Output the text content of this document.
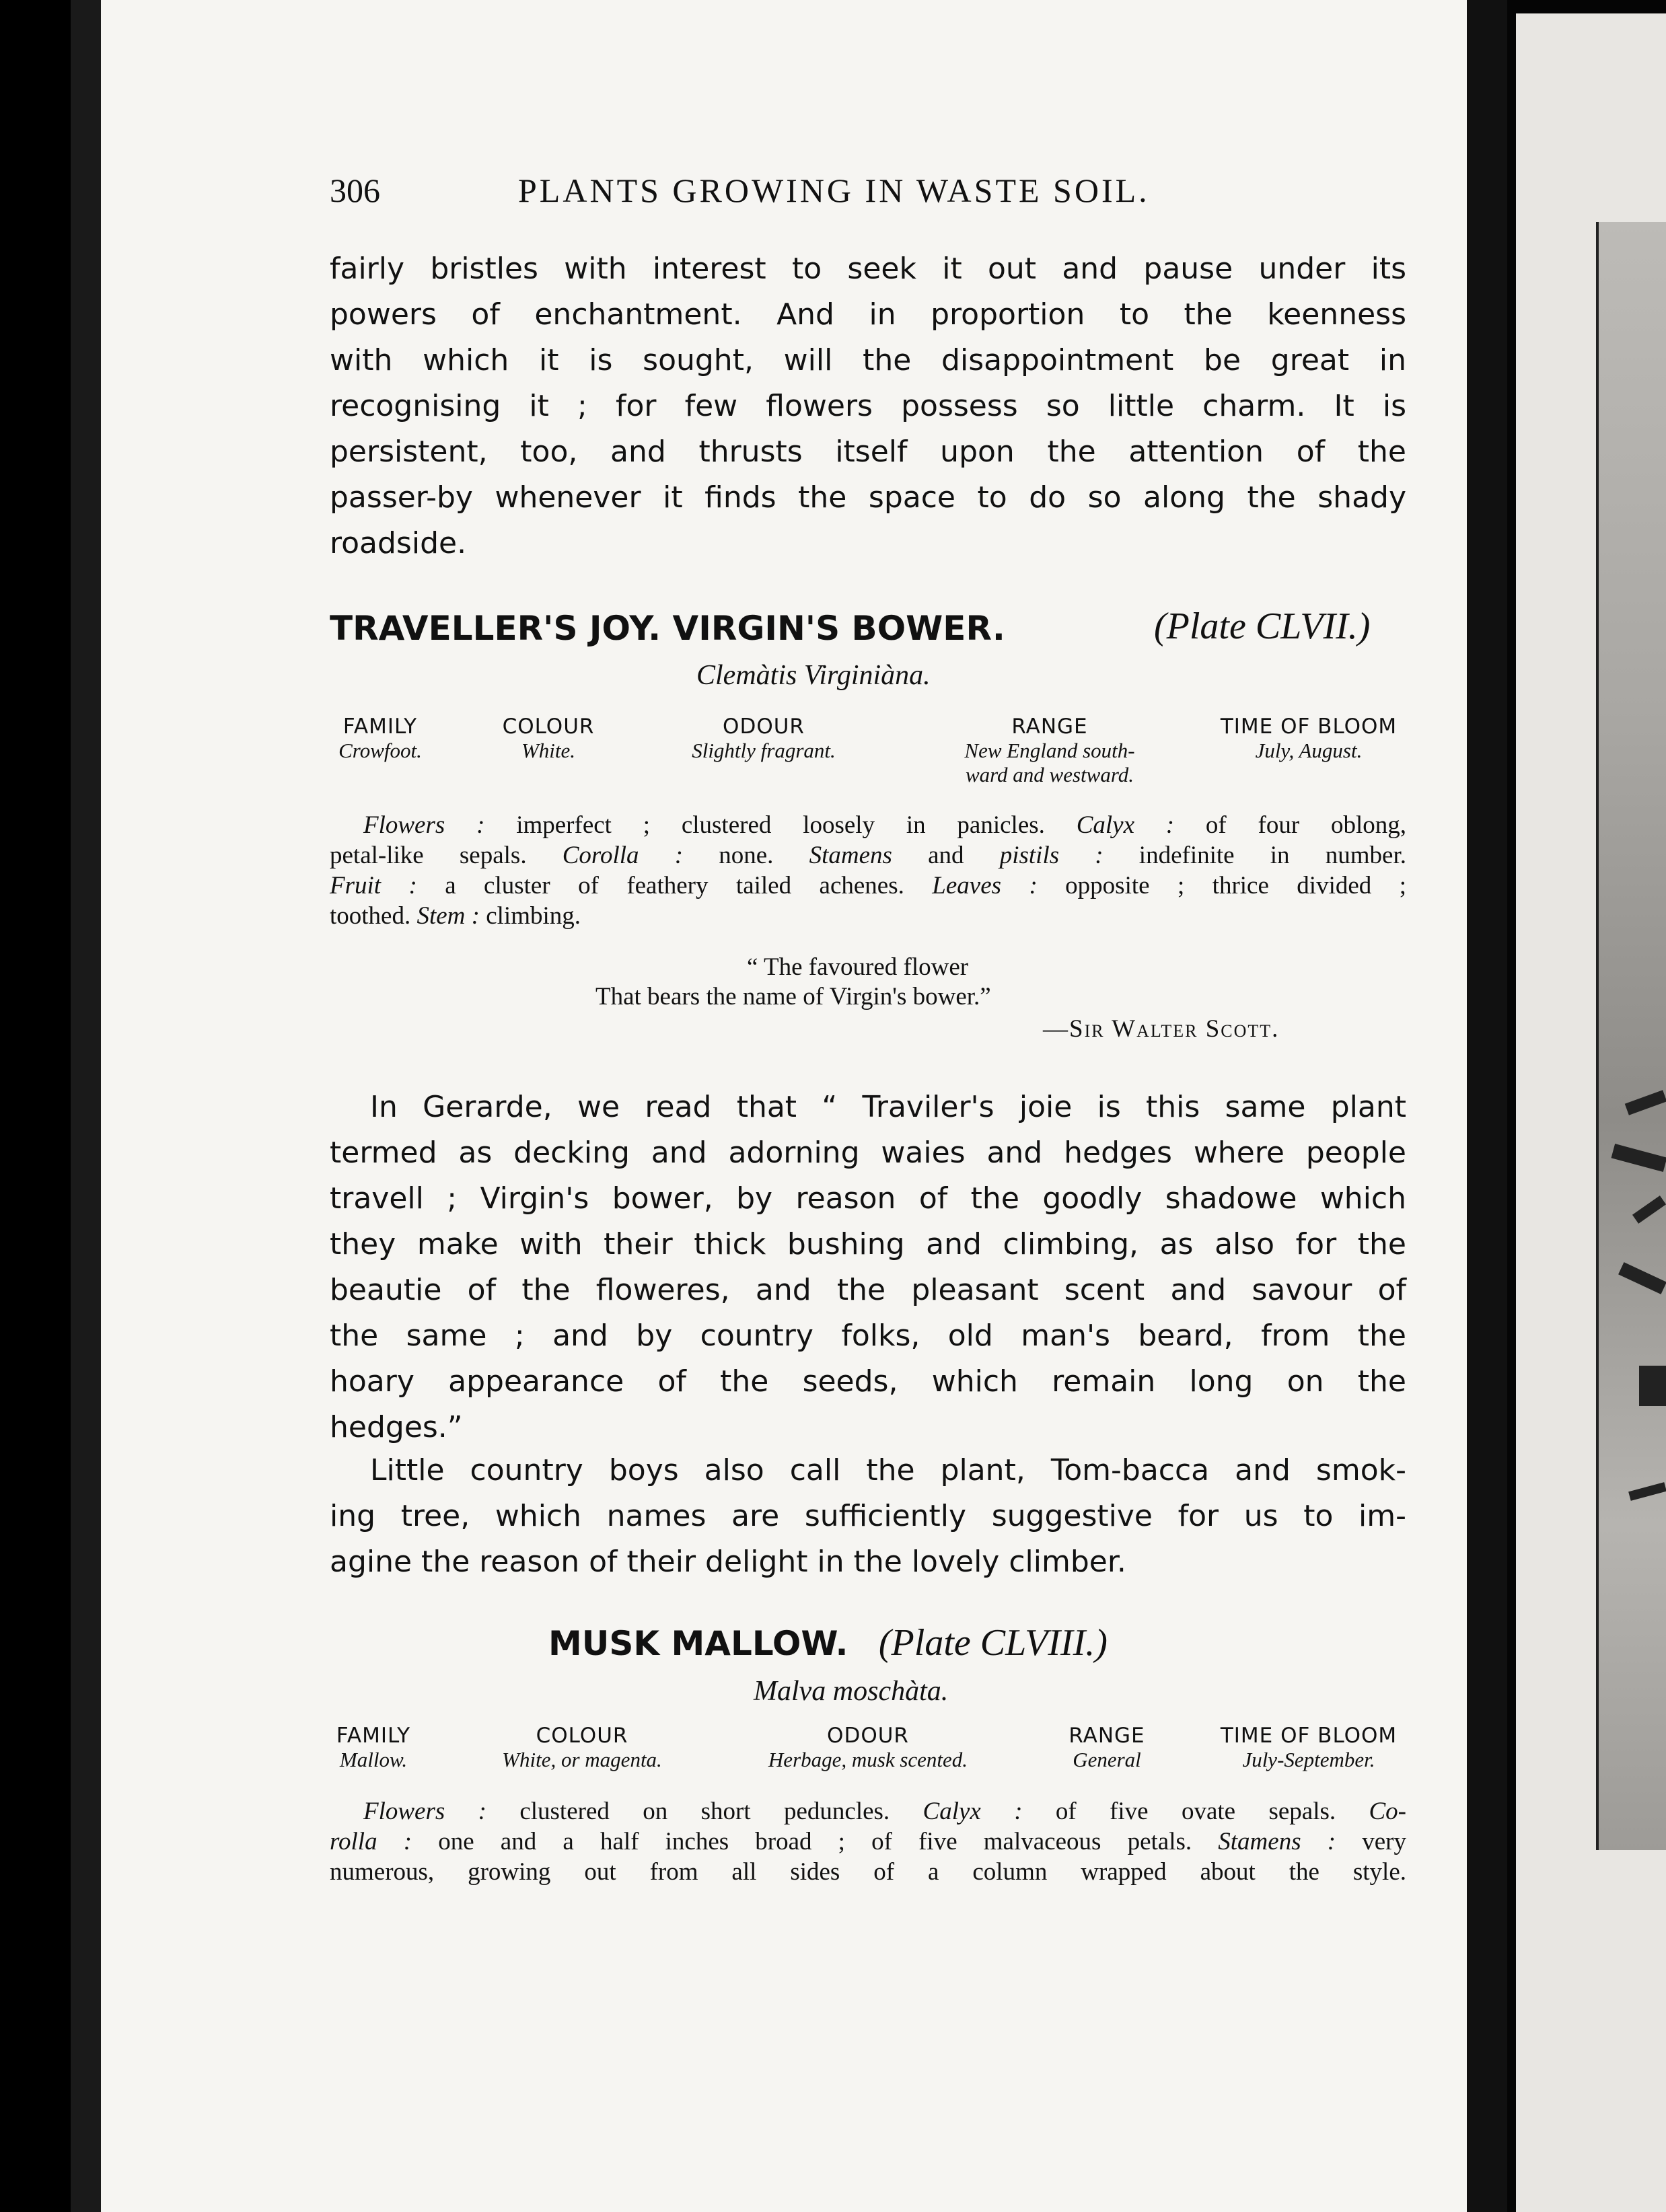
306	PLANTS GROWING IN WASTE SOIL.
fairly bristles with interest to seek it out and pause under its
powers of enchantment. And in proportion to the keenness
with which it is sought, will the disappointment be great in
recognising it ; for few flowers possess so little charm. It is
persistent, too, and thrusts itself upon the attention of the
passer-by whenever it finds the space to do so along the shady
roadside.
TRAVELLER'S JOY. VIRGIN'S BOWER.	(Plate CLVII.)
Clemàtis Virginiàna.
FAMILY
Crowfoot.
COLOUR
White.
ODOUR
Slightly fragrant.
RANGE
New England south-
ward and westward.
TIME OF BLOOM
July, August.
Flowers : imperfect ; clustered loosely in panicles. Calyx : of four oblong,
petal-like sepals. Corolla : none. Stamens and pistils : indefinite in number.
Fruit : a cluster of feathery tailed achenes. Leaves : opposite ; thrice divided ;
toothed. Stem : climbing.
“ The favoured flower
That bears the name of Virgin's bower.”
—Sir Walter Scott.
In Gerarde, we read that “ Traviler's joie is this same plant
termed as decking and adorning waies and hedges where people
travell ; Virgin's bower, by reason of the goodly shadowe which
they make with their thick bushing and climbing, as also for the
beautie of the floweres, and the pleasant scent and savour of
the same ; and by country folks, old man's beard, from the
hoary appearance of the seeds, which remain long on the
hedges.”
Little country boys also call the plant, Tom-bacca and smok-
ing tree, which names are sufficiently suggestive for us to im-
agine the reason of their delight in the lovely climber.
MUSK MALLOW. (Plate CLVIII.)
Malva moschàta.
FAMILY
Mallow.
COLOUR
White, or magenta.
ODOUR
Herbage, musk scented.
RANGE
General
TIME OF BLOOM
July-September.
Flowers : clustered on short peduncles. Calyx : of five ovate sepals. Co-
rolla : one and a half inches broad ; of five malvaceous petals. Stamens : very
numerous, growing out from all sides of a column wrapped about the style.
